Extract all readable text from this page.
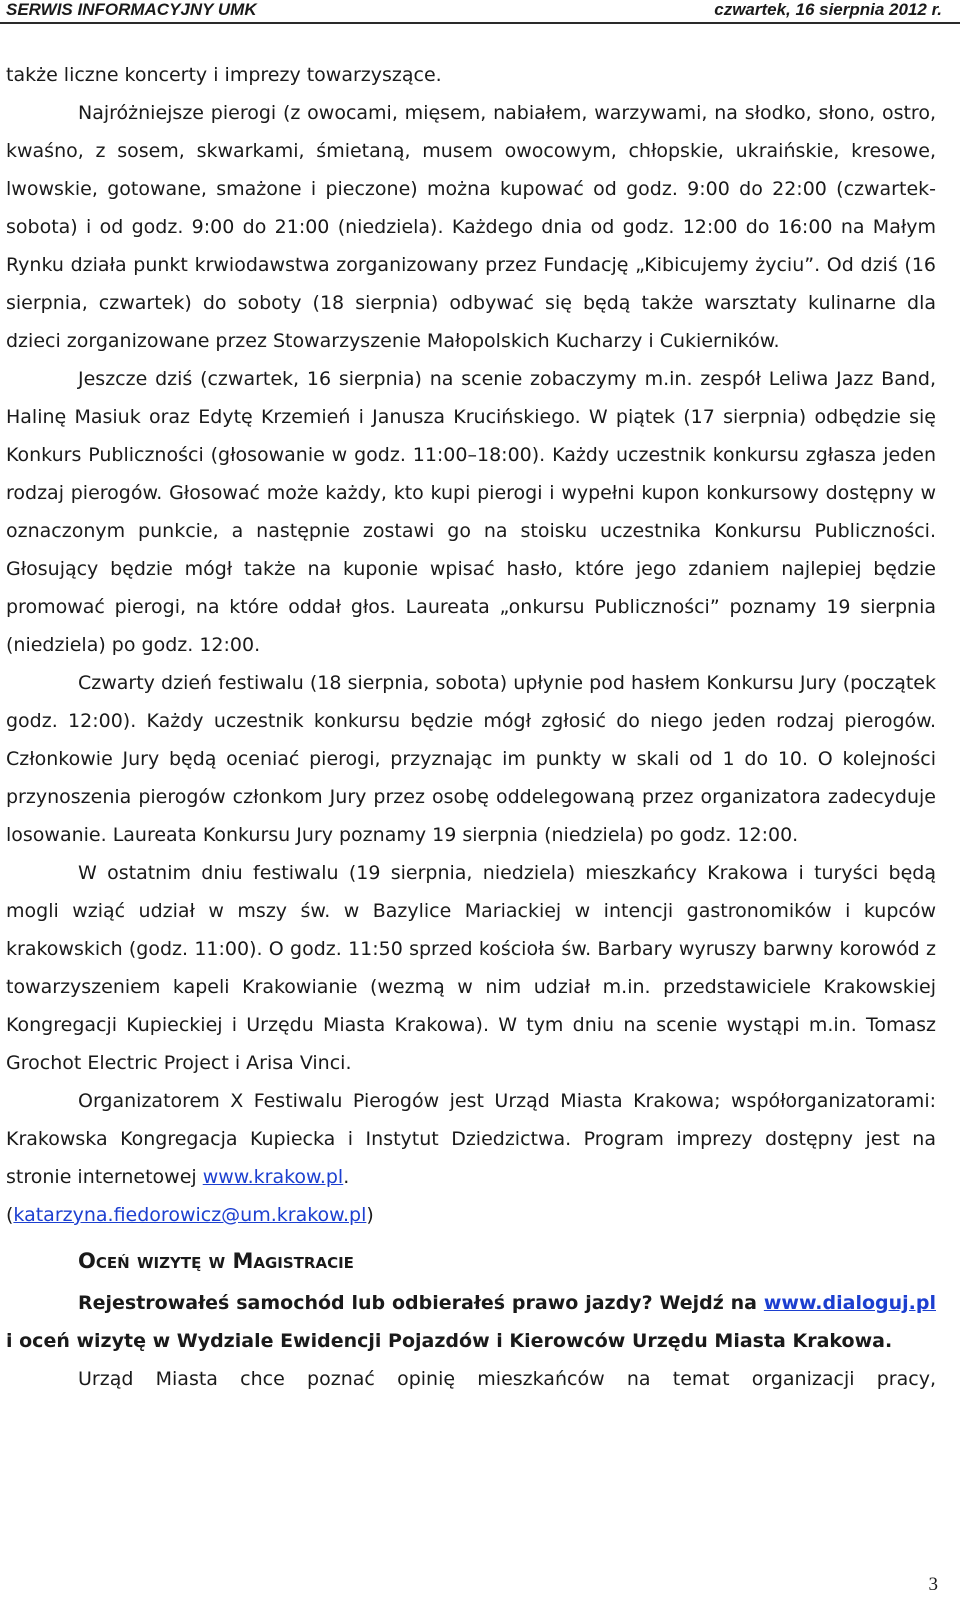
SERWIS INFORMACYJNY UMK	czwartek, 16 sierpnia 2012 r.

także liczne koncerty i imprezy towarzyszące.

Najróżniejsze pierogi (z owocami, mięsem, nabiałem, warzywami, na słodko, słono, ostro, kwaśno, z sosem, skwarkami, śmietaną, musem owocowym, chłopskie, ukraińskie, kresowe, lwowskie, gotowane, smażone i pieczone) można kupować od godz. 9:00 do 22:00 (czwartek-sobota) i od godz. 9:00 do 21:00 (niedziela). Każdego dnia od godz. 12:00 do 16:00 na Małym Rynku działa punkt krwiodawstwa zorganizowany przez Fundację „Kibicujemy życiu”. Od dziś (16 sierpnia, czwartek) do soboty (18 sierpnia) odbywać się będą także warsztaty kulinarne dla dzieci zorganizowane przez Stowarzyszenie Małopolskich Kucharzy i Cukierników.

Jeszcze dziś (czwartek, 16 sierpnia) na scenie zobaczymy m.in. zespół Leliwa Jazz Band, Halinę Masiuk oraz Edytę Krzemień i Janusza Krucińskiego. W piątek (17 sierpnia) odbędzie się Konkurs Publiczności (głosowanie w godz. 11:00–18:00). Każdy uczestnik konkursu zgłasza jeden rodzaj pierogów. Głosować może każdy, kto kupi pierogi i wypełni kupon konkursowy dostępny w oznaczonym punkcie, a następnie zostawi go na stoisku uczestnika Konkursu Publiczności. Głosujący będzie mógł także na kuponie wpisać hasło, które jego zdaniem najlepiej będzie promować pierogi, na które oddał głos. Laureata „onkursu Publiczności” poznamy 19 sierpnia (niedziela) po godz. 12:00.

Czwarty dzień festiwalu (18 sierpnia, sobota) upłynie pod hasłem Konkursu Jury (początek godz. 12:00). Każdy uczestnik konkursu będzie mógł zgłosić do niego jeden rodzaj pierogów. Członkowie Jury będą oceniać pierogi, przyznając im punkty w skali od 1 do 10. O kolejności przynoszenia pierogów członkom Jury przez osobę oddelegowaną przez organizatora zadecyduje losowanie. Laureata Konkursu Jury poznamy 19 sierpnia (niedziela) po godz. 12:00.

W ostatnim dniu festiwalu (19 sierpnia, niedziela) mieszkańcy Krakowa i turyści będą mogli wziąć udział w mszy św. w Bazylice Mariackiej w intencji gastronomików i kupców krakowskich (godz. 11:00). O godz. 11:50 sprzed kościoła św. Barbary wyruszy barwny korowód z towarzyszeniem kapeli Krakowianie (wezmą w nim udział m.in. przedstawiciele Krakowskiej Kongregacji Kupieckiej i Urzędu Miasta Krakowa). W tym dniu na scenie wystąpi m.in. Tomasz Grochot Electric Project i Arisa Vinci.

Organizatorem X Festiwalu Pierogów jest Urząd Miasta Krakowa; współorganizatorami: Krakowska Kongregacja Kupiecka i Instytut Dziedzictwa. Program imprezy dostępny jest na stronie internetowej www.krakow.pl.

(katarzyna.fiedorowicz@um.krakow.pl)

Oceń wizytę w Magistracie

Rejestrowałeś samochód lub odbierałeś prawo jazdy? Wejdź na www.dialoguj.pl i oceń wizytę w Wydziale Ewidencji Pojazdów i Kierowców Urzędu Miasta Krakowa.

Urząd Miasta chce poznać opinię mieszkańców na temat organizacji pracy,

3
